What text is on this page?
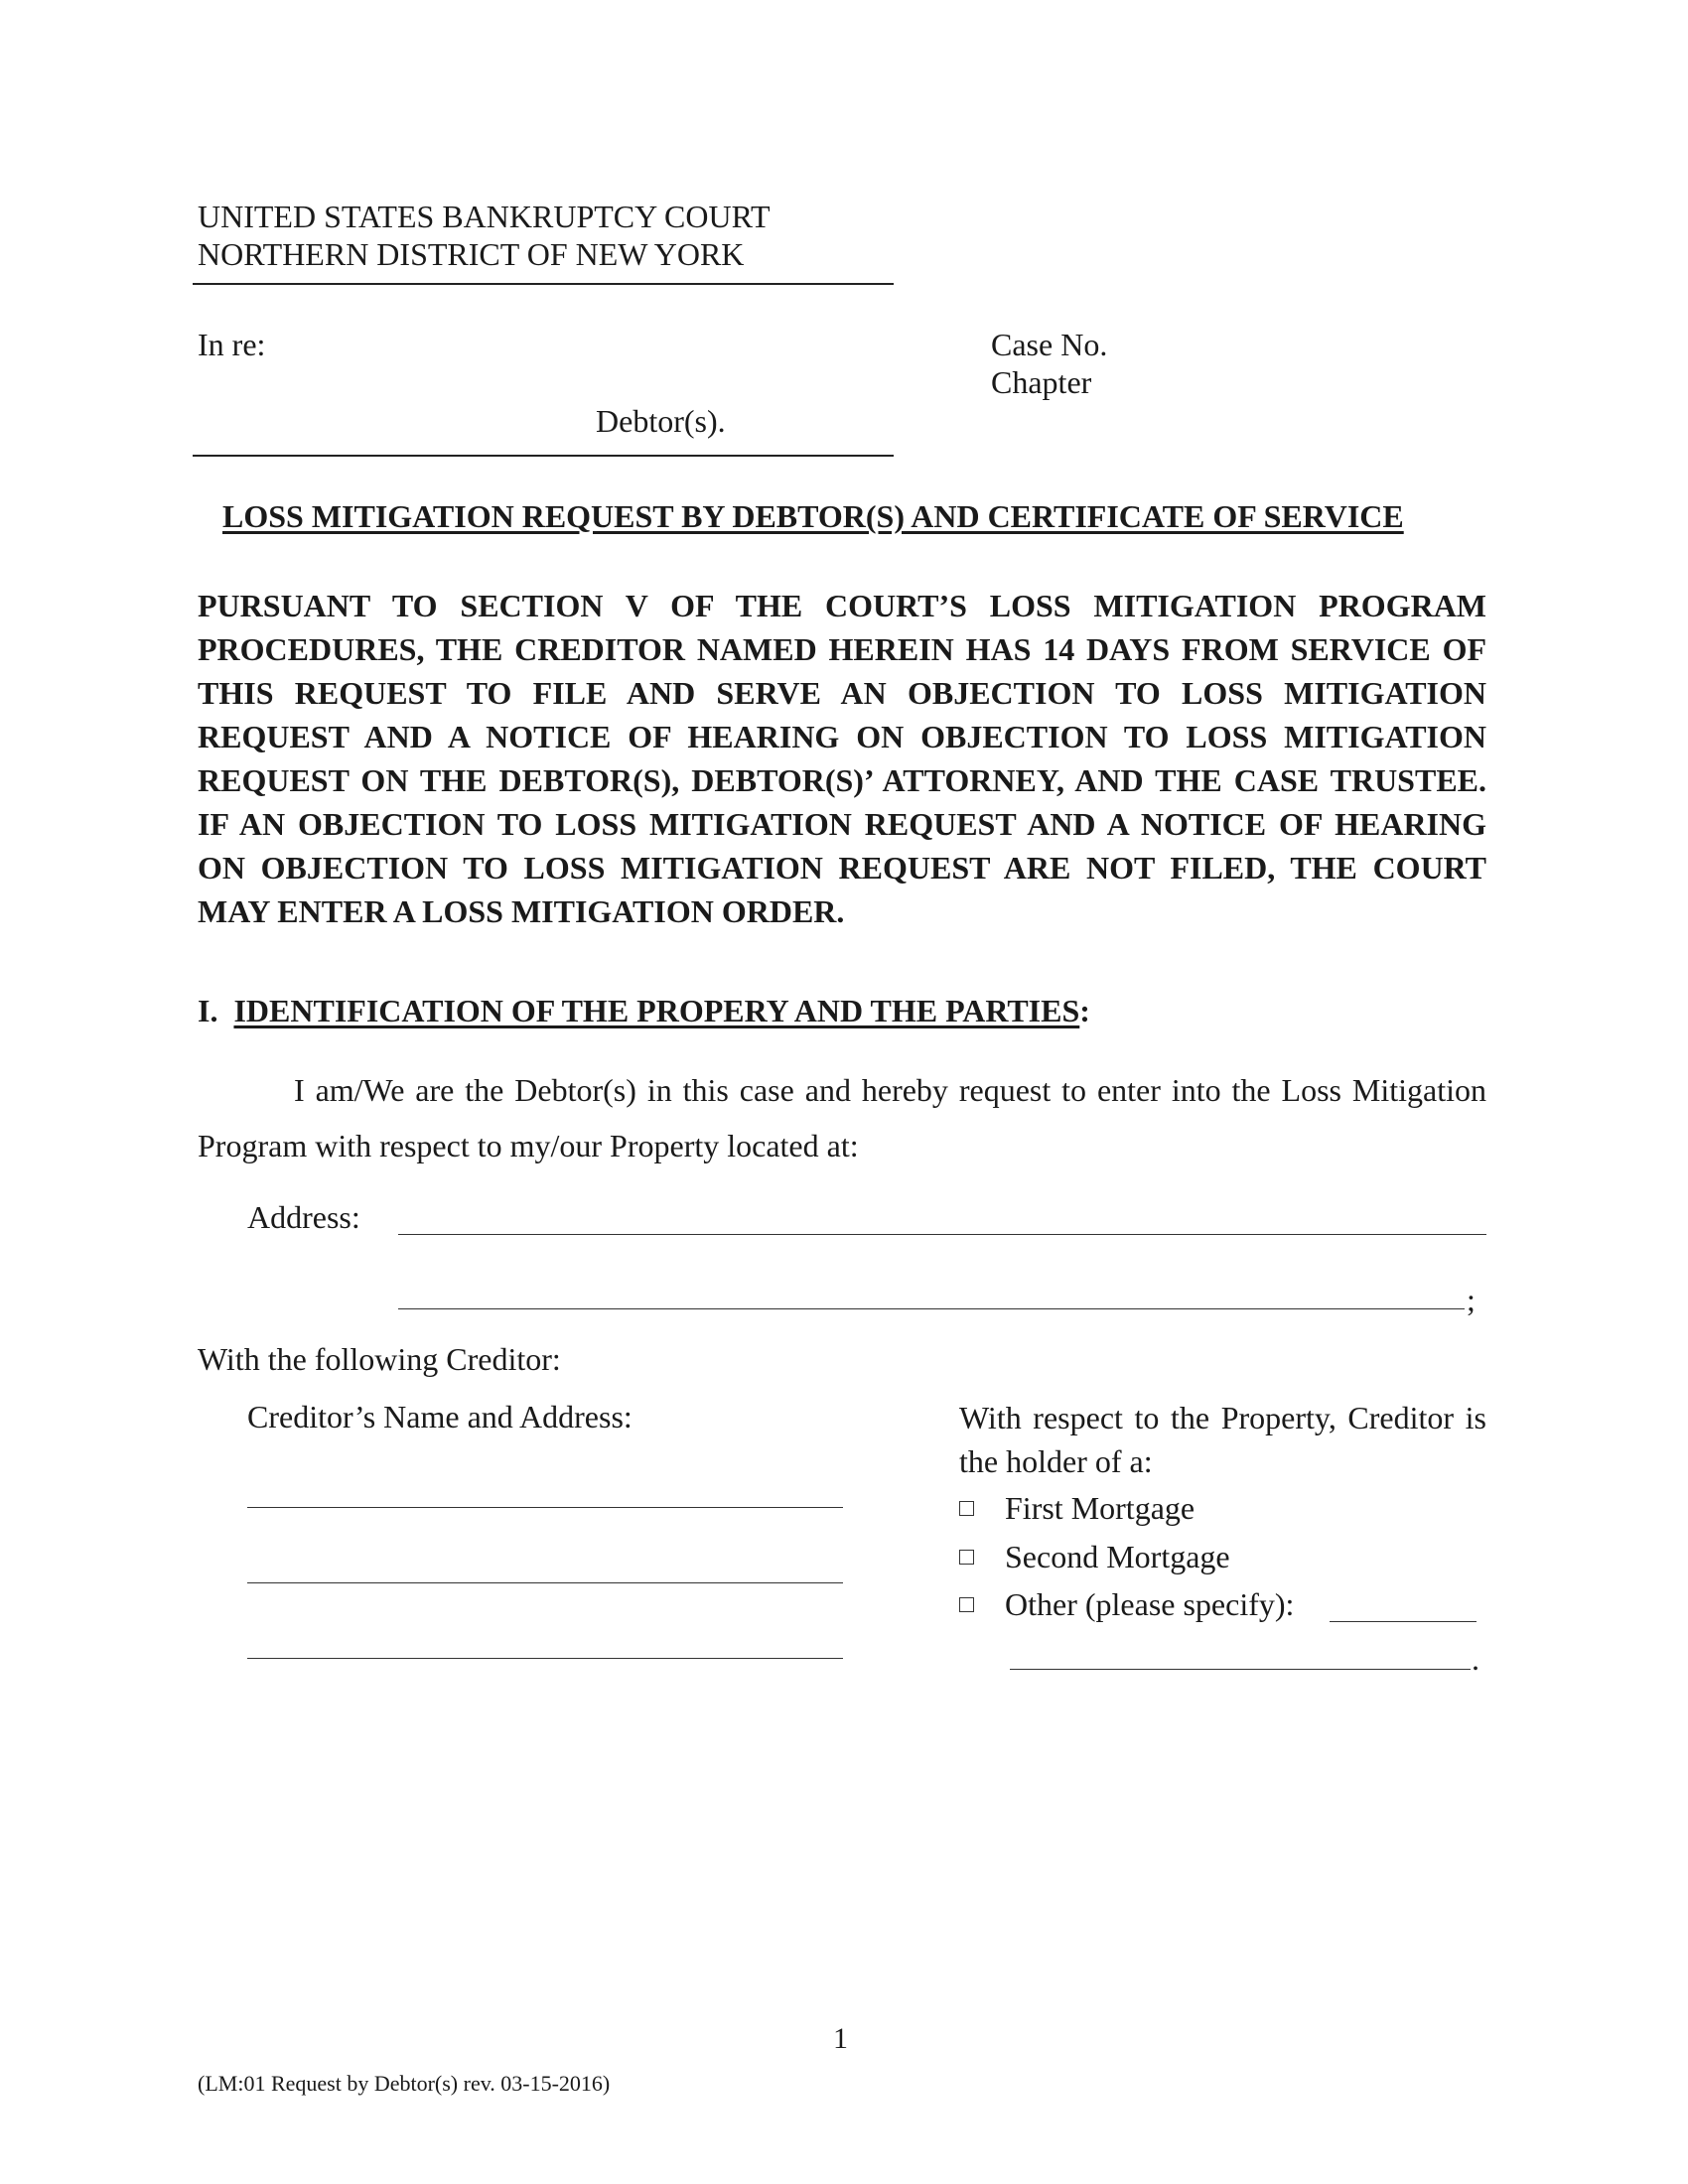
UNITED STATES BANKRUPTCY COURT
NORTHERN DISTRICT OF NEW YORK
In re:	Case No.
Chapter
Debtor(s).
LOSS MITIGATION REQUEST BY DEBTOR(S) AND CERTIFICATE OF SERVICE
PURSUANT TO SECTION V OF THE COURT’S LOSS MITIGATION PROGRAM PROCEDURES, THE CREDITOR NAMED HEREIN HAS 14 DAYS FROM SERVICE OF THIS REQUEST TO FILE AND SERVE AN OBJECTION TO LOSS MITIGATION REQUEST AND A NOTICE OF HEARING ON OBJECTION TO LOSS MITIGATION REQUEST ON THE DEBTOR(S), DEBTOR(S)’ ATTORNEY, AND THE CASE TRUSTEE. IF AN OBJECTION TO LOSS MITIGATION REQUEST AND A NOTICE OF HEARING ON OBJECTION TO LOSS MITIGATION REQUEST ARE NOT FILED, THE COURT MAY ENTER A LOSS MITIGATION ORDER.
I. IDENTIFICATION OF THE PROPERY AND THE PARTIES:
I am/We are the Debtor(s) in this case and hereby request to enter into the Loss Mitigation Program with respect to my/our Property located at:
Address:
;
With the following Creditor:
Creditor’s Name and Address:	With respect to the Property, Creditor is the holder of a:
First Mortgage
Second Mortgage
Other (please specify):
.
1
(LM:01 Request by Debtor(s) rev. 03-15-2016)
